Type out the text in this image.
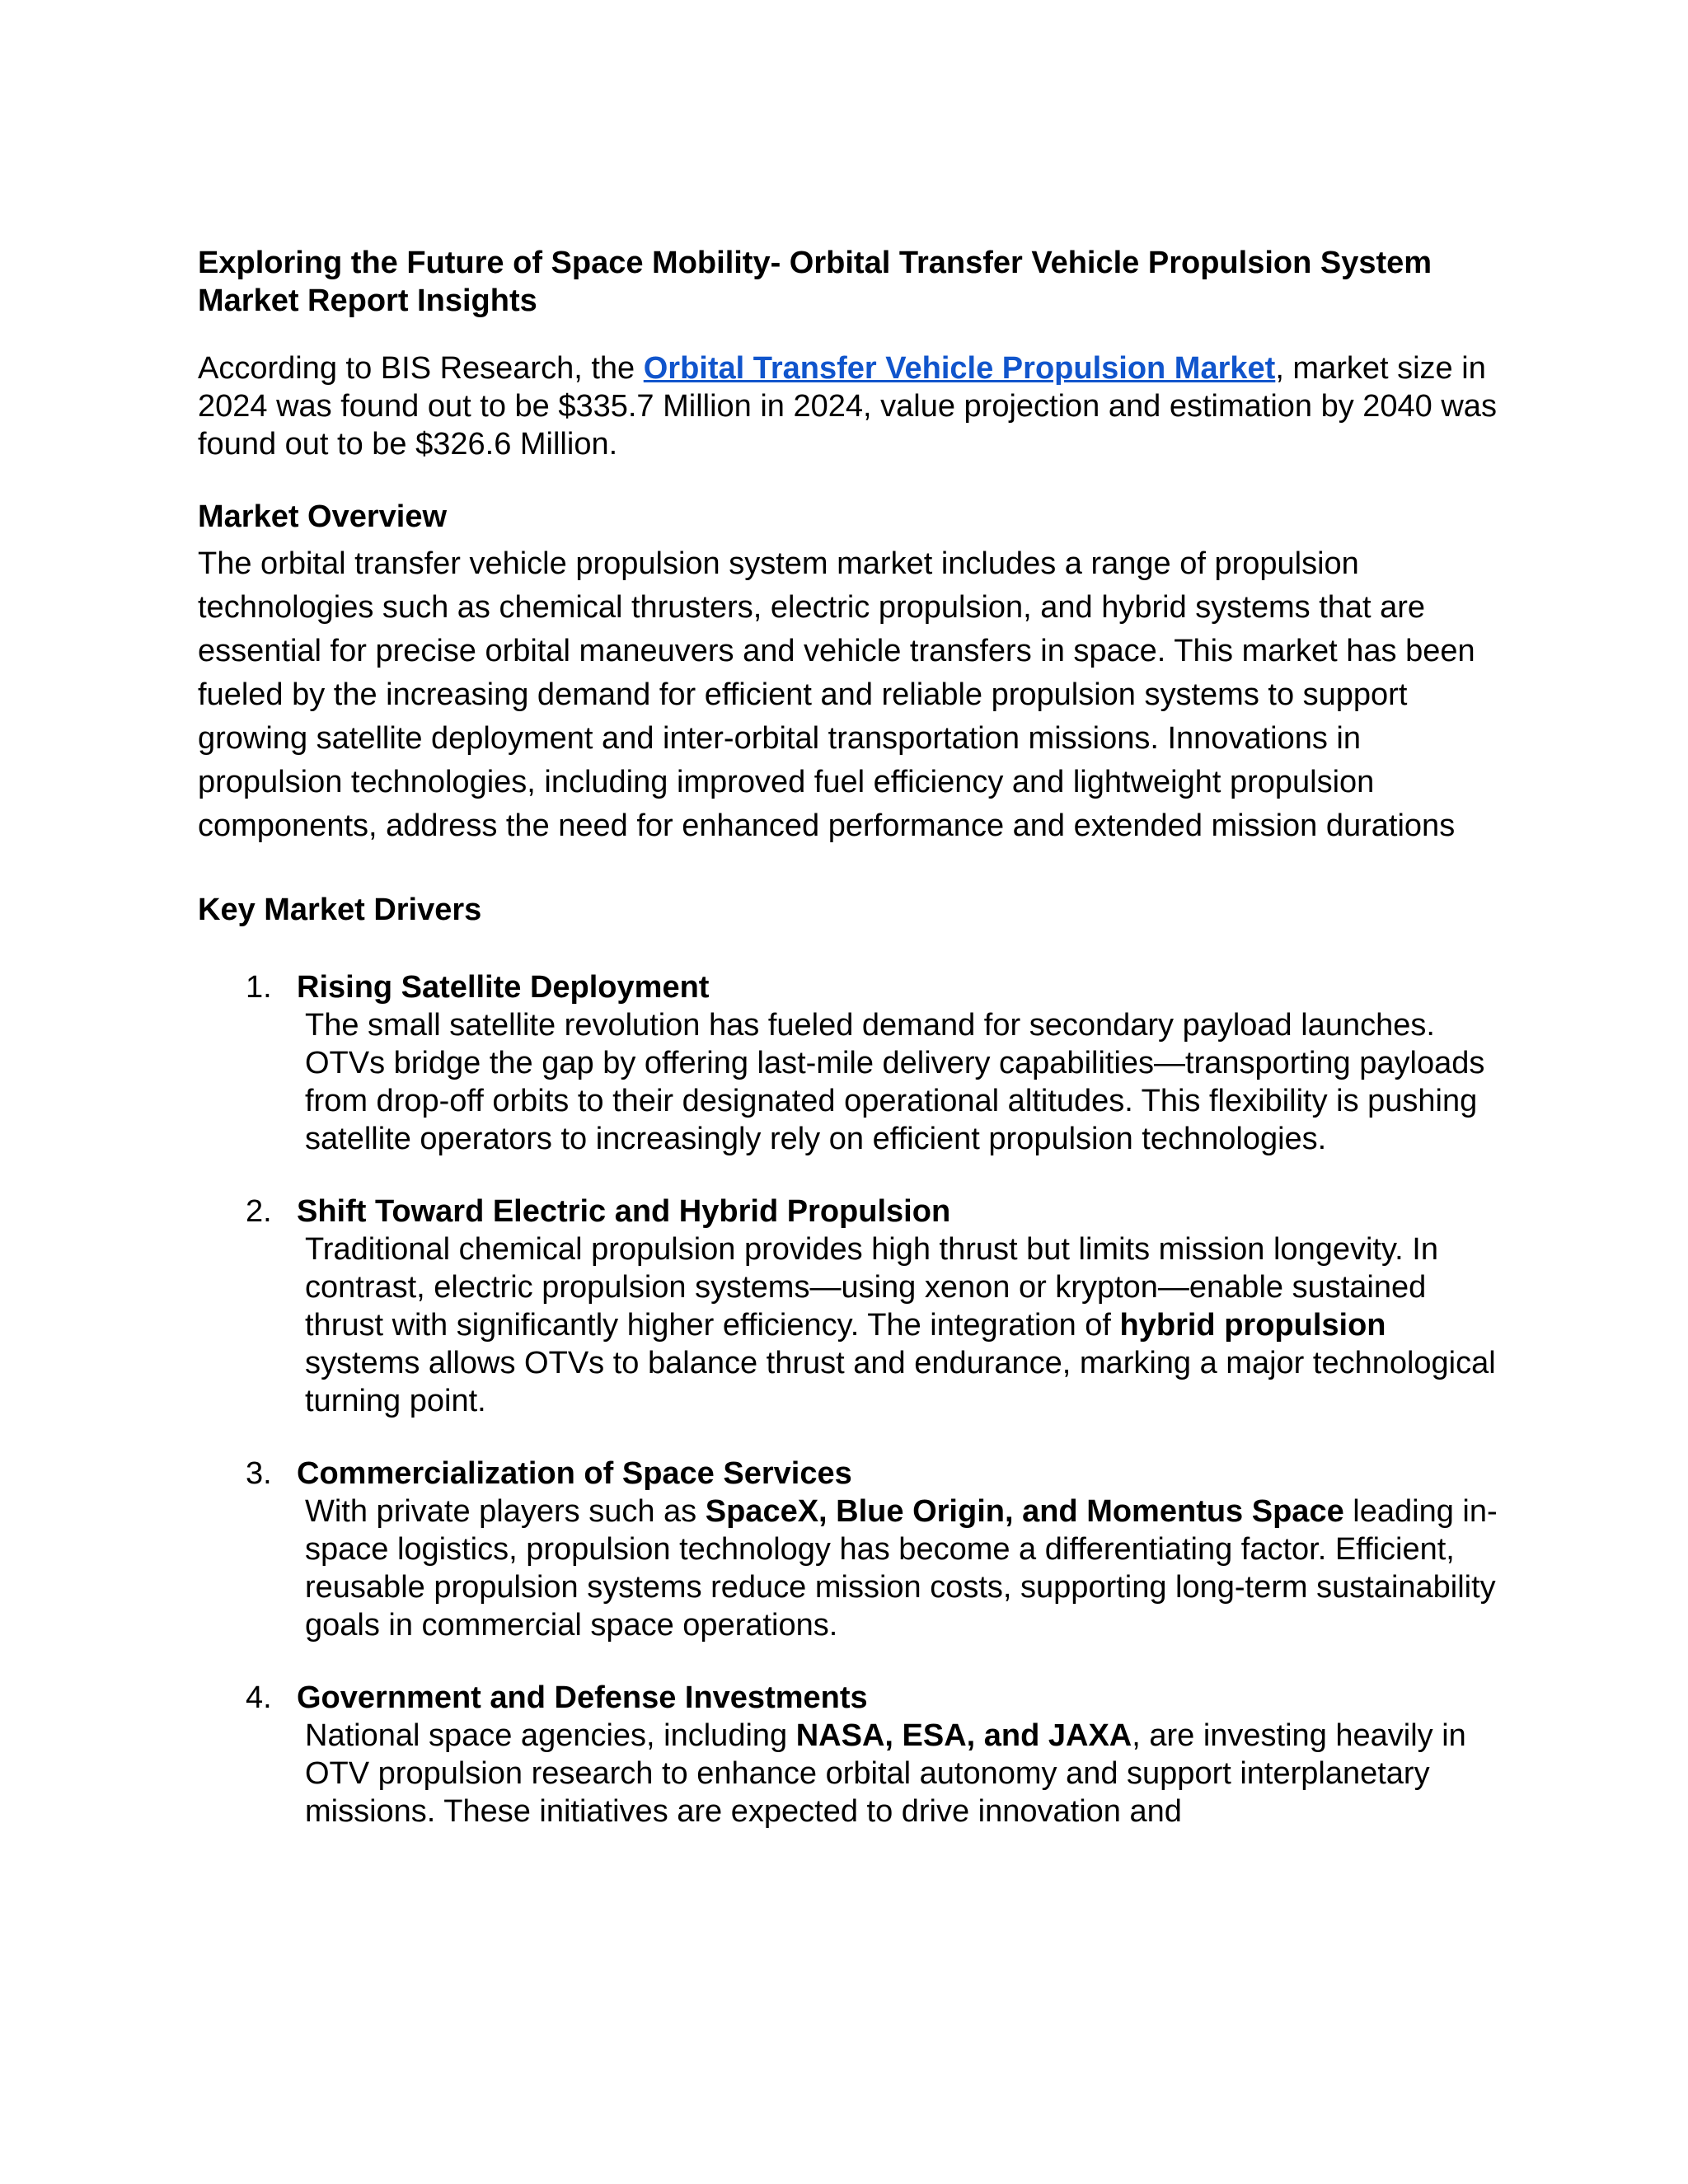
Exploring the Future of Space Mobility- Orbital Transfer Vehicle Propulsion System Market Report Insights

According to BIS Research, the Orbital Transfer Vehicle Propulsion Market, market size in 2024 was found out to be $335.7 Million in 2024, value projection and estimation by 2040 was found out to be $326.6 Million.

Market Overview

The orbital transfer vehicle propulsion system market includes a range of propulsion technologies such as chemical thrusters, electric propulsion, and hybrid systems that are essential for precise orbital maneuvers and vehicle transfers in space. This market has been fueled by the increasing demand for efficient and reliable propulsion systems to support growing satellite deployment and inter-orbital transportation missions. Innovations in propulsion technologies, including improved fuel efficiency and lightweight propulsion components, address the need for enhanced performance and extended mission durations

Key Market Drivers
1. Rising Satellite Deployment
The small satellite revolution has fueled demand for secondary payload launches. OTVs bridge the gap by offering last-mile delivery capabilities—transporting payloads from drop-off orbits to their designated operational altitudes. This flexibility is pushing satellite operators to increasingly rely on efficient propulsion technologies.
2. Shift Toward Electric and Hybrid Propulsion
Traditional chemical propulsion provides high thrust but limits mission longevity. In contrast, electric propulsion systems—using xenon or krypton—enable sustained thrust with significantly higher efficiency. The integration of hybrid propulsion systems allows OTVs to balance thrust and endurance, marking a major technological turning point.
3. Commercialization of Space Services
With private players such as SpaceX, Blue Origin, and Momentus Space leading in-space logistics, propulsion technology has become a differentiating factor. Efficient, reusable propulsion systems reduce mission costs, supporting long-term sustainability goals in commercial space operations.
4. Government and Defense Investments
National space agencies, including NASA, ESA, and JAXA, are investing heavily in OTV propulsion research to enhance orbital autonomy and support interplanetary missions. These initiatives are expected to drive innovation and
